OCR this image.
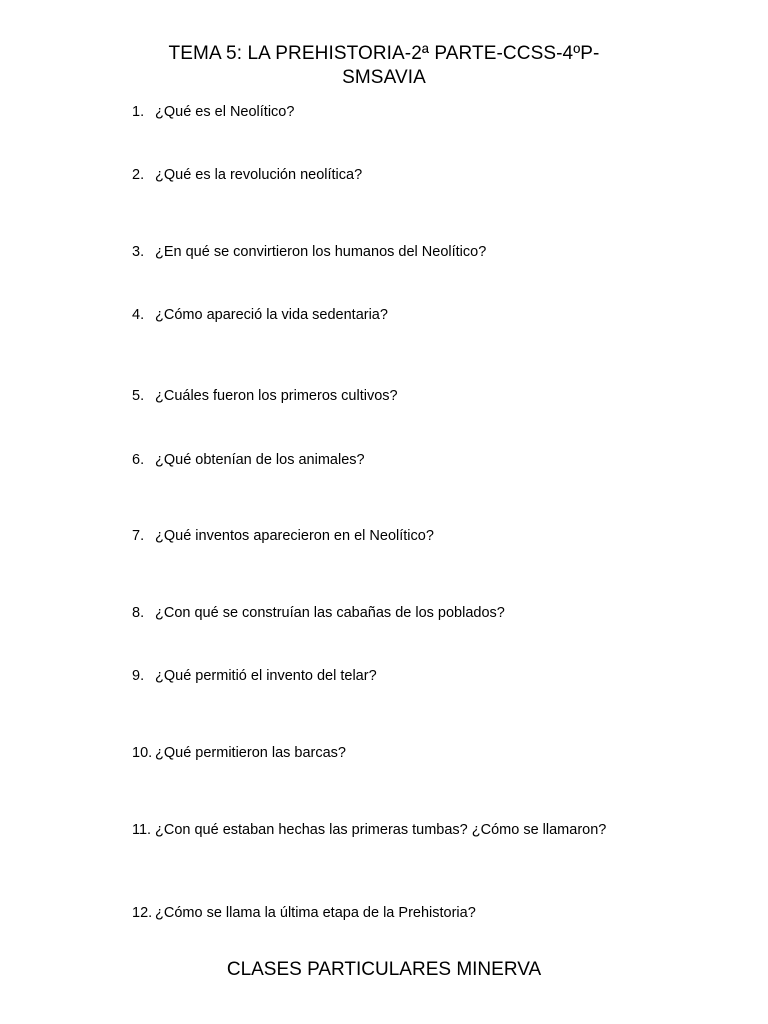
TEMA 5: LA PREHISTORIA-2ª PARTE-CCSS-4ºP-
SMSAVIA
1. ¿Qué es el Neolítico?
2. ¿Qué es la revolución neolítica?
3. ¿En qué se convirtieron los humanos del Neolítico?
4. ¿Cómo apareció la vida sedentaria?
5. ¿Cuáles fueron los primeros cultivos?
6. ¿Qué obtenían de los animales?
7. ¿Qué inventos aparecieron en el Neolítico?
8. ¿Con qué se construían las cabañas de los poblados?
9. ¿Qué permitió el invento del telar?
10. ¿Qué permitieron las barcas?
11. ¿Con qué estaban hechas las primeras tumbas? ¿Cómo se llamaron?
12. ¿Cómo se llama la última etapa de la Prehistoria?
CLASES PARTICULARES MINERVA
